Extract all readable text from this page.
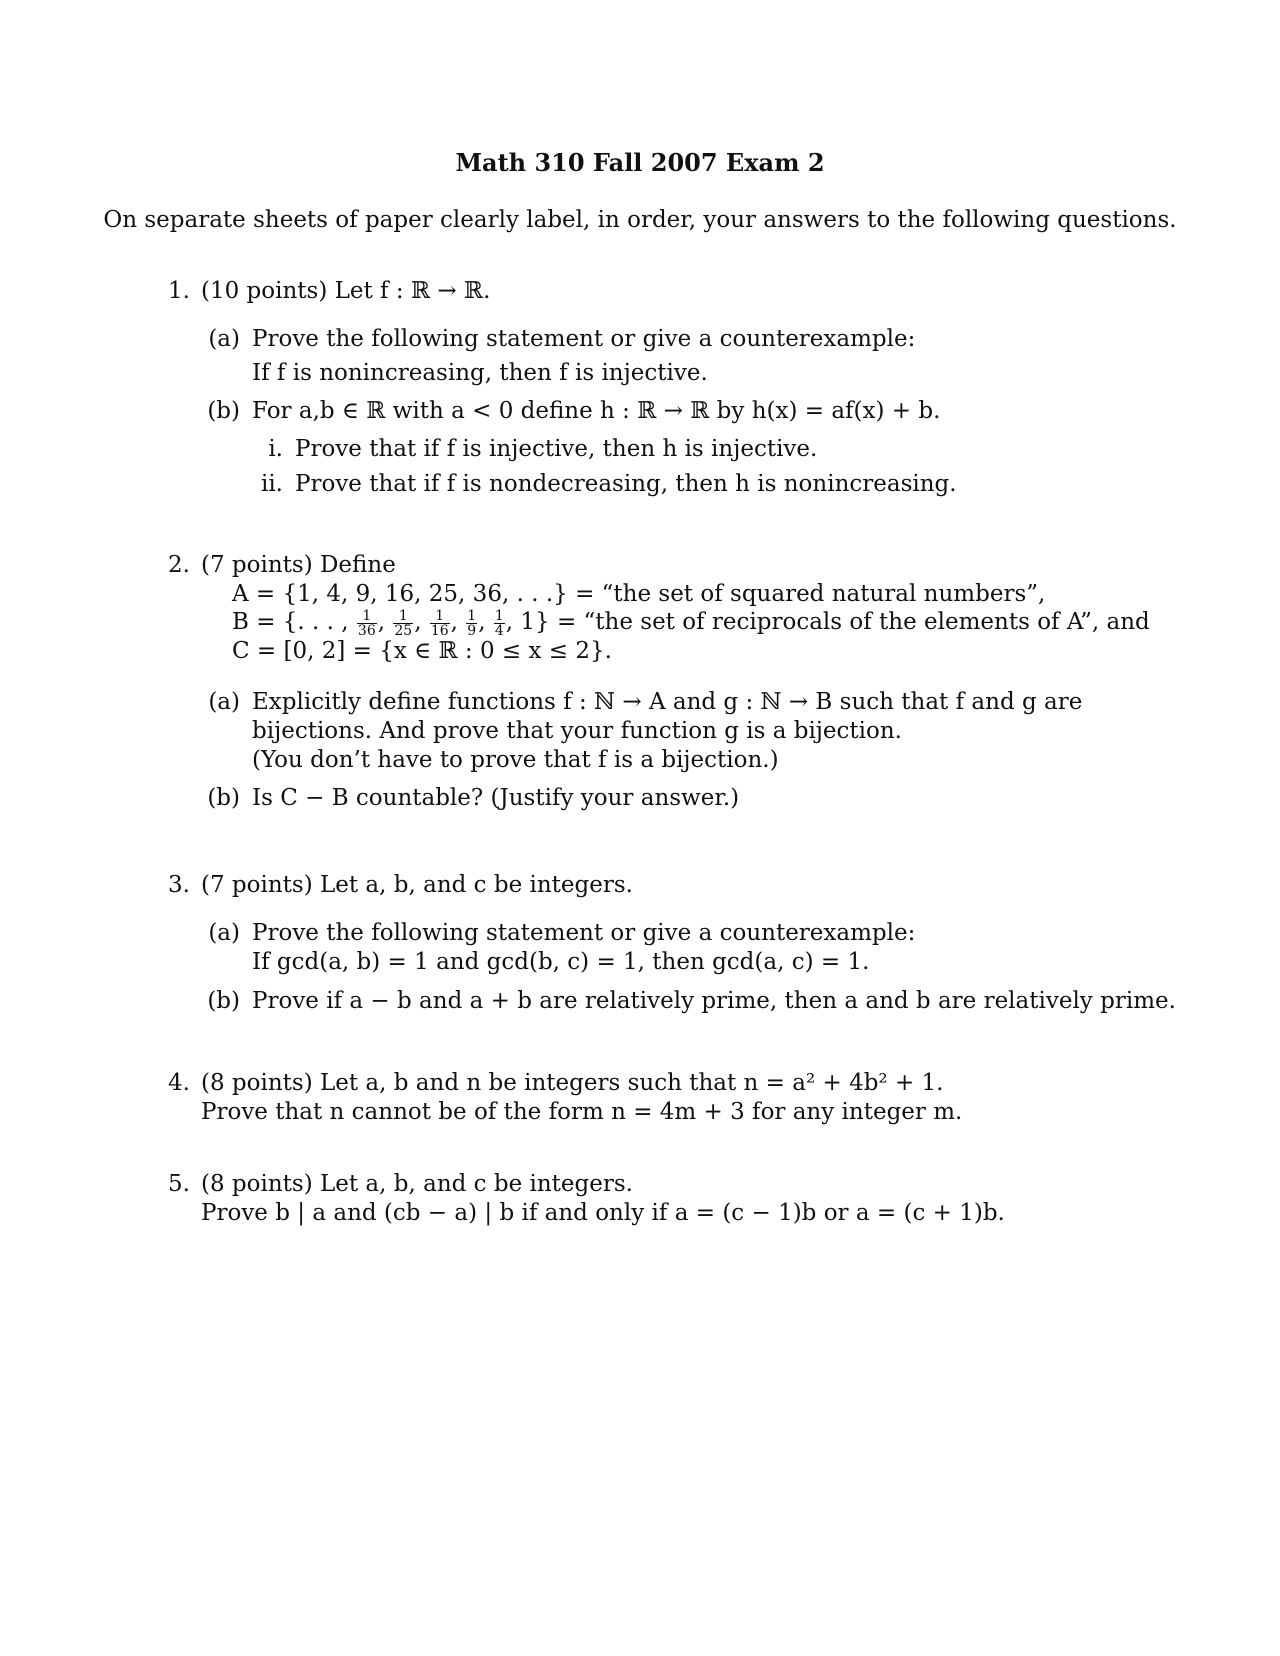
Math 310 Fall 2007 Exam 2
On separate sheets of paper clearly label, in order, your answers to the following questions.
1. (10 points) Let f : ℝ → ℝ.
(a) Prove the following statement or give a counterexample:
If f is nonincreasing, then f is injective.
(b) For a,b ∈ ℝ with a < 0 define h : ℝ → ℝ by h(x) = af(x) + b.
i. Prove that if f is injective, then h is injective.
ii. Prove that if f is nondecreasing, then h is nonincreasing.
2. (7 points) Define
A = {1, 4, 9, 16, 25, 36, . . .} = “the set of squared natural numbers”,
B = {. . . , $\frac{1}{36}$ , $\frac{1}{25}$ , $\frac{1}{16}$ , $\frac{1}{9}$ , $\frac{1}{4}$ , 1} = “the set of reciprocals of the elements of A”, and
C = [0, 2] = {x ∈ ℝ : 0 ≤ x ≤ 2}.
(a) Explicitly define functions f : ℕ → A and g : ℕ → B such that f and g are
bijections. And prove that your function g is a bijection.
(You don’t have to prove that f is a bijection.)
(b) Is C − B countable? (Justify your answer.)
3. (7 points) Let a, b, and c be integers.
(a) Prove the following statement or give a counterexample:
If gcd(a, b) = 1 and gcd(b, c) = 1, then gcd(a, c) = 1.
(b) Prove if a − b and a + b are relatively prime, then a and b are relatively prime.
4. (8 points) Let a, b and n be integers such that n = a² + 4b² + 1.
Prove that n cannot be of the form n = 4m + 3 for any integer m.
5. (8 points) Let a, b, and c be integers.
Prove b | a and (cb − a) | b if and only if a = (c − 1)b or a = (c + 1)b.
